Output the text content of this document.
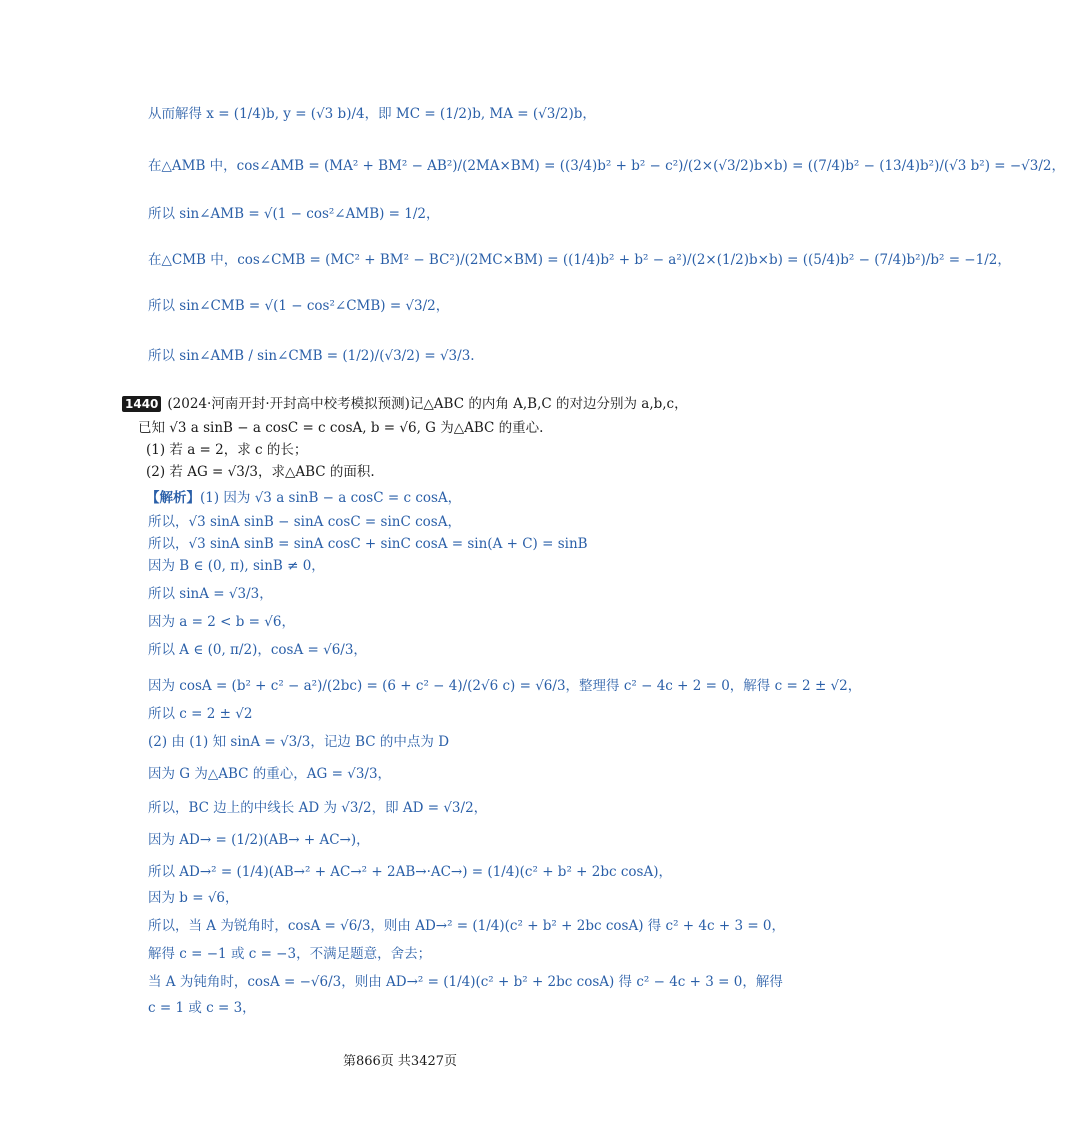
从而解得 x = (1/4)b, y = (√3 b)/4，即 MC = (1/2)b, MA = (√3/2)b，
在△AMB 中，cos∠AMB = (MA² + BM² − AB²)/(2MA×BM) = ((3/4)b² + b² − c²)/(2×(√3/2)b×b) = ((7/4)b² − (13/4)b²)/(√3 b²) = −√3/2，
所以 sin∠AMB = √(1 − cos²∠AMB) = 1/2，
在△CMB 中，cos∠CMB = (MC² + BM² − BC²)/(2MC×BM) = ((1/4)b² + b² − a²)/(2×(1/2)b×b) = ((5/4)b² − (7/4)b²)/b² = −1/2，
所以 sin∠CMB = √(1 − cos²∠CMB) = √3/2，
所以 sin∠AMB / sin∠CMB = (1/2)/(√3/2) = √3/3.
1440 (2024·河南开封·开封高中校考模拟预测)记△ABC 的内角 A,B,C 的对边分别为 a,b,c，
已知 √3 a sinB − a cosC = c cosA, b = √6, G 为△ABC 的重心.
(1) 若 a = 2，求 c 的长；
(2) 若 AG = √3/3，求△ABC 的面积.
【解析】(1) 因为 √3 a sinB − a cosC = c cosA，
所以，√3 sinA sinB − sinA cosC = sinC cosA，
所以，√3 sinA sinB = sinA cosC + sinC cosA = sin(A + C) = sinB
因为 B ∈ (0, π), sinB ≠ 0，
所以 sinA = √3/3，
因为 a = 2 < b = √6，
所以 A ∈ (0, π/2)，cosA = √6/3，
因为 cosA = (b² + c² − a²)/(2bc) = (6 + c² − 4)/(2√6 c) = √6/3，整理得 c² − 4c + 2 = 0，解得 c = 2 ± √2，
所以 c = 2 ± √2
(2) 由 (1) 知 sinA = √3/3，记边 BC 的中点为 D
因为 G 为△ABC 的重心，AG = √3/3，
所以，BC 边上的中线长 AD 为 √3/2，即 AD = √3/2，
因为 AD→ = (1/2)(AB→ + AC→)，
所以 AD→² = (1/4)(AB→² + AC→² + 2AB→·AC→) = (1/4)(c² + b² + 2bc cosA)，
因为 b = √6，
所以，当 A 为锐角时，cosA = √6/3，则由 AD→² = (1/4)(c² + b² + 2bc cosA) 得 c² + 4c + 3 = 0，
解得 c = −1 或 c = −3，不满足题意，舍去；
当 A 为钝角时，cosA = −√6/3，则由 AD→² = (1/4)(c² + b² + 2bc cosA) 得 c² − 4c + 3 = 0，解得
c = 1 或 c = 3，
第866页 共3427页
